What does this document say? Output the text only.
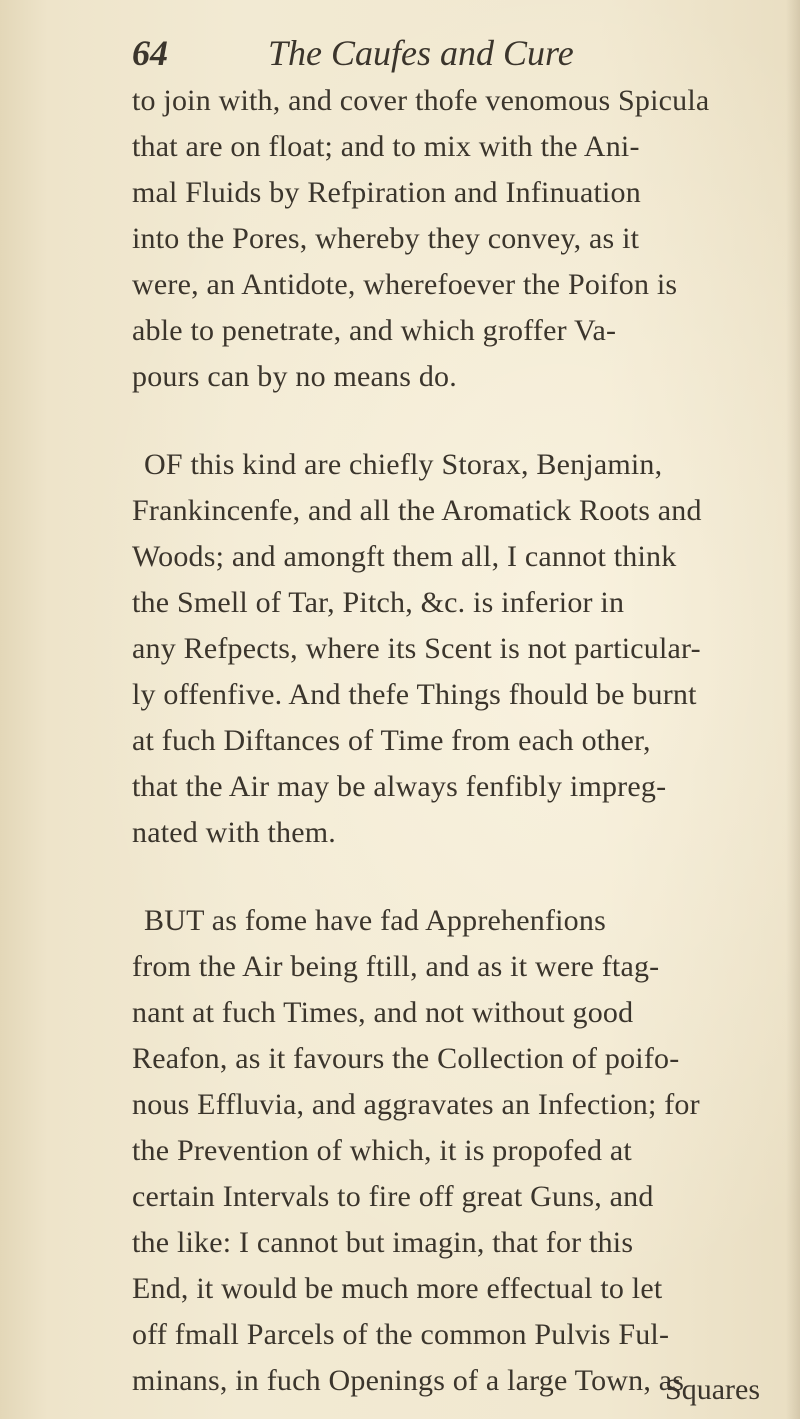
64	The Caufes and Cure
to join with, and cover thofe venomous Spicula
that are on float; and to mix with the Ani-
mal Fluids by Refpiration and Infinuation
into the Pores, whereby they convey, as it
were, an Antidote, wherefoever the Poifon is
able to penetrate, and which groffer Va-
pours can by no means do.
OF this kind are chiefly Storax, Benjamin,
Frankincenfe, and all the Aromatick Roots and
Woods; and amongft them all, I cannot think
the Smell of Tar, Pitch, &c. is inferior in
any Refpects, where its Scent is not particular-
ly offenfive. And thefe Things fhould be burnt
at fuch Diftances of Time from each other,
that the Air may be always fenfibly impreg-
nated with them.
BUT as fome have fad Apprehenfions
from the Air being ftill, and as it were ftag-
nant at fuch Times, and not without good
Reafon, as it favours the Collection of poifo-
nous Effluvia, and aggravates an Infection; for
the Prevention of which, it is propofed at
certain Intervals to fire off great Guns, and
the like: I cannot but imagin, that for this
End, it would be much more effectual to let
off fmall Parcels of the common Pulvis Ful-
minans, in fuch Openings of a large Town, as
Squares
